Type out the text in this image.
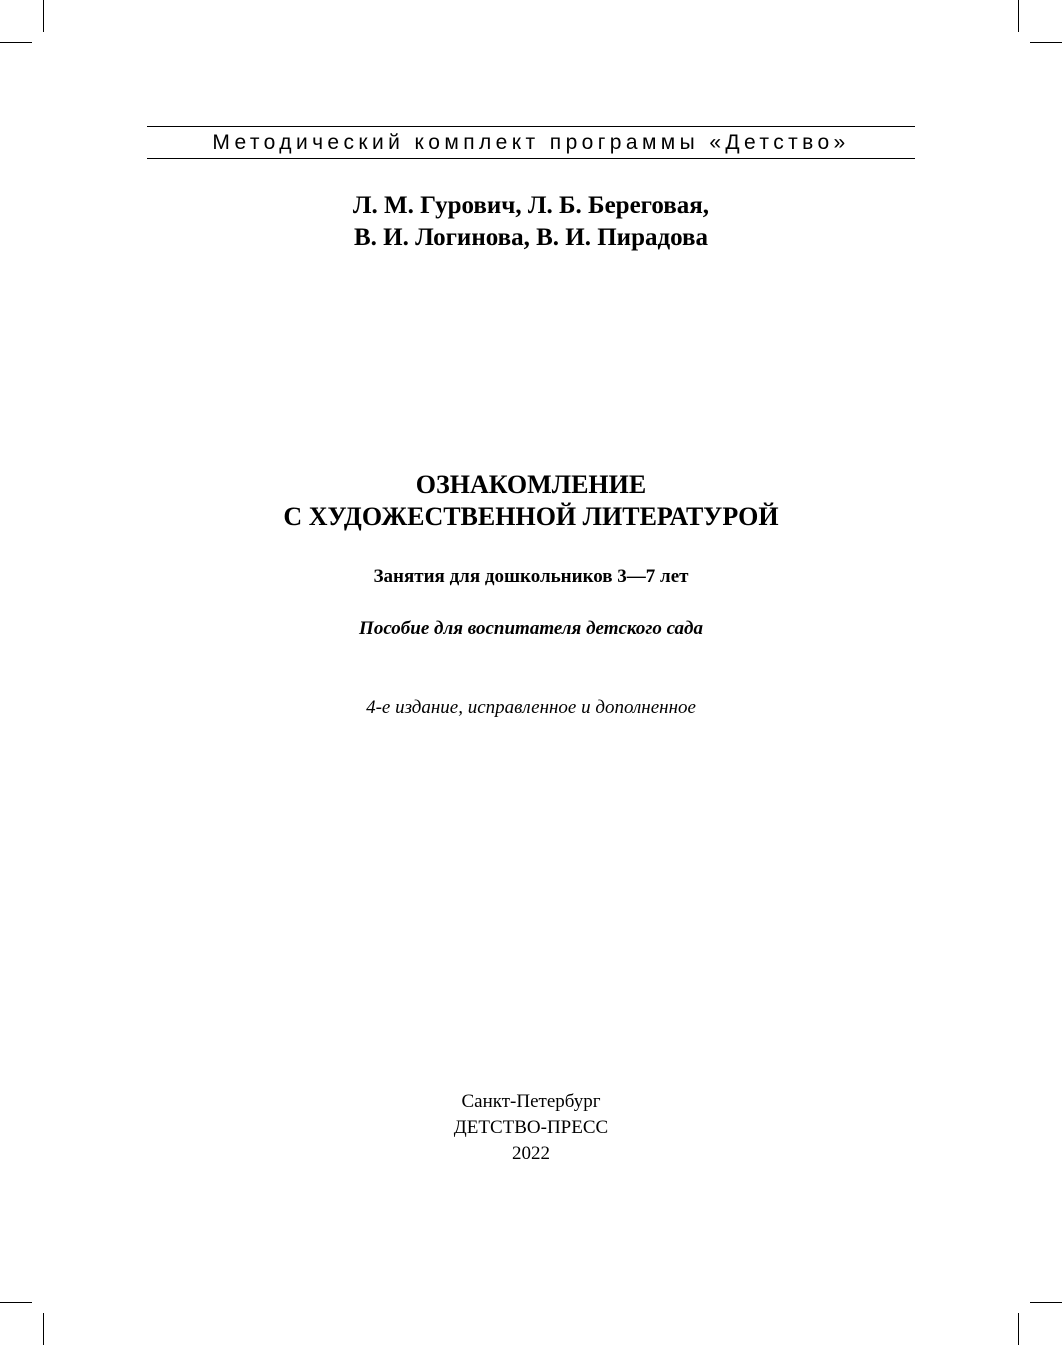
Методический комплект программы «Детство»
Л. М. Гурович, Л. Б. Береговая,
В. И. Логинова, В. И. Пирадова
ОЗНАКОМЛЕНИЕ
С ХУДОЖЕСТВЕННОЙ ЛИТЕРАТУРОЙ
Занятия для дошкольников 3—7 лет
Пособие для воспитателя детского сада
4-е издание, исправленное и дополненное
Санкт-Петербург
ДЕТСТВО-ПРЕСС
2022
